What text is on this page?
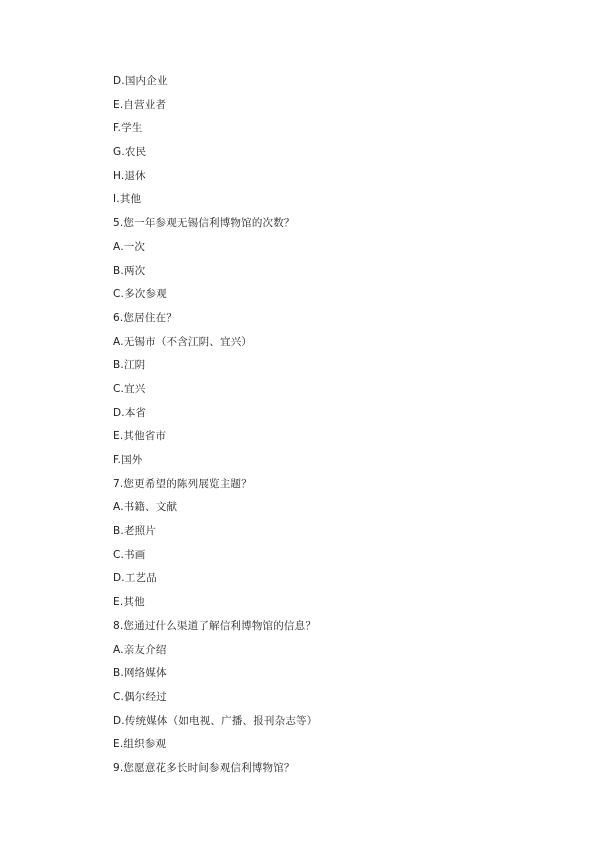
D.国内企业
E.自营业者
F.学生
G.农民
H.退休
I.其他
5.您一年参观无锡信利博物馆的次数？
A.一次
B.两次
C.多次参观
6.您居住在？
A.无锡市（不含江阴、宜兴）
B.江阴
C.宜兴
D.本省
E.其他省市
F.国外
7.您更希望的陈列展览主题？
A.书籍、文献
B.老照片
C.书画
D.工艺品
E.其他
8.您通过什么渠道了解信利博物馆的信息？
A.亲友介绍
B.网络媒体
C.偶尔经过
D.传统媒体（如电视、广播、报刊杂志等）
E.组织参观
9.您愿意花多长时间参观信利博物馆？
